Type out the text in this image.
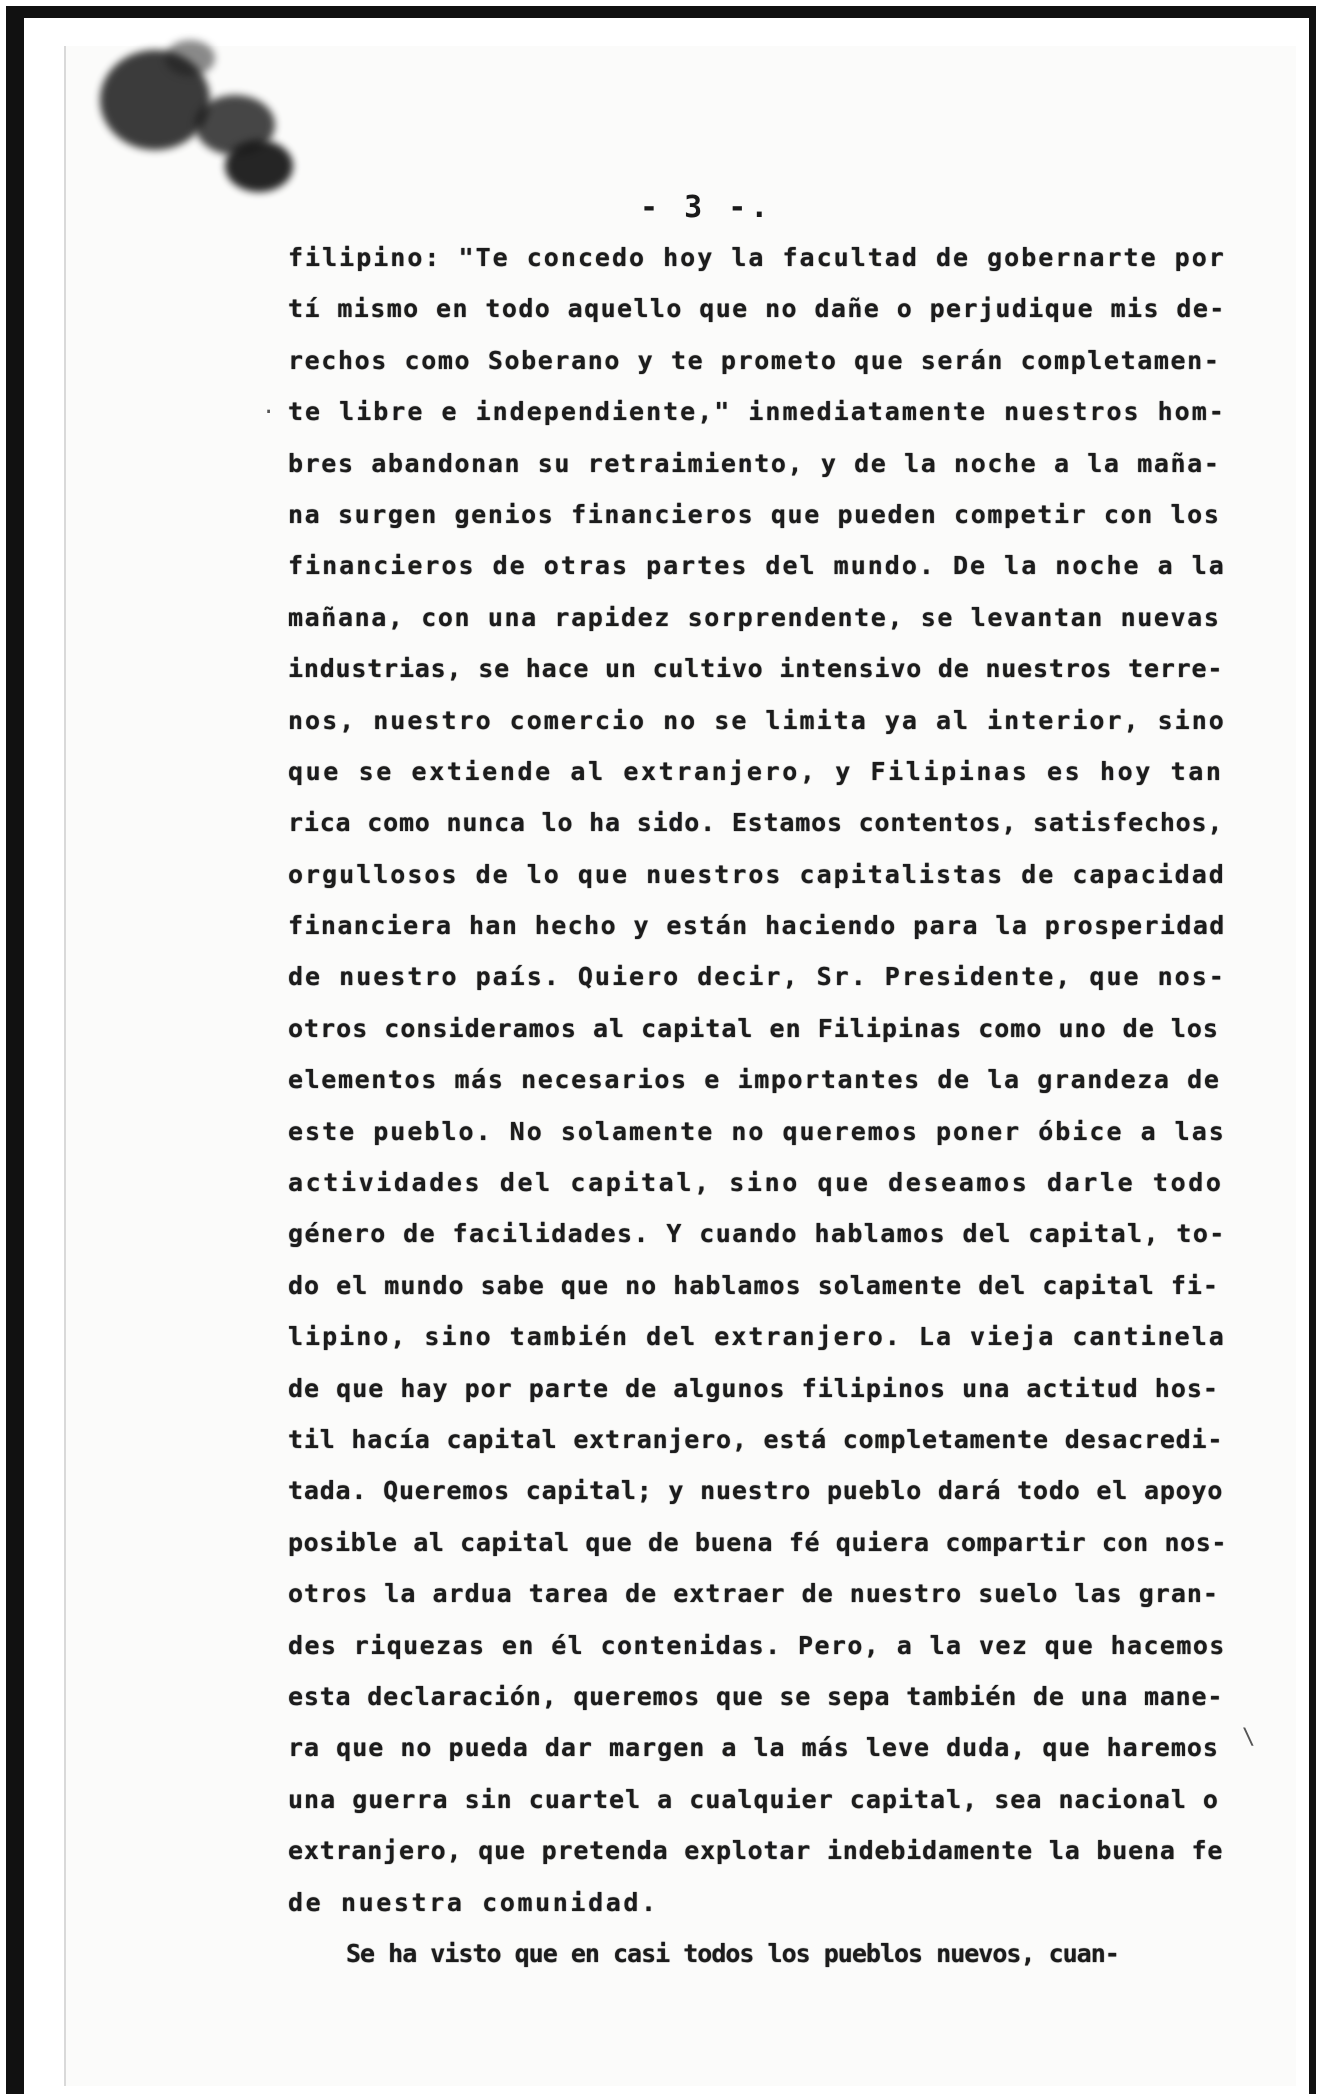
·
\
- 3 -.
filipino: "Te concedo hoy la facultad de gobernarte por
tí mismo en todo aquello que no dañe o perjudique mis de-
rechos como Soberano y te prometo que serán completamen-
te libre e independiente," inmediatamente nuestros hom-
bres abandonan su retraimiento, y de la noche a la maña-
na surgen genios financieros que pueden competir con los
financieros de otras partes del mundo. De la noche a la
mañana, con una rapidez sorprendente, se levantan nuevas
industrias, se hace un cultivo intensivo de nuestros terre-
nos, nuestro comercio no se limita ya al interior, sino
que se extiende al extranjero, y Filipinas es hoy tan
rica como nunca lo ha sido. Estamos contentos, satisfechos,
orgullosos de lo que nuestros capitalistas de capacidad
financiera han hecho y están haciendo para la prosperidad
de nuestro país. Quiero decir, Sr. Presidente, que nos-
otros consideramos al capital en Filipinas como uno de los
elementos más necesarios e importantes de la grandeza de
este pueblo. No solamente no queremos poner óbice a las
actividades del capital, sino que deseamos darle todo
género de facilidades. Y cuando hablamos del capital, to-
do el mundo sabe que no hablamos solamente del capital fi-
lipino, sino también del extranjero. La vieja cantinela
de que hay por parte de algunos filipinos una actitud hos-
til hacía capital extranjero, está completamente desacredi-
tada. Queremos capital; y nuestro pueblo dará todo el apoyo
posible al capital que de buena fé quiera compartir con nos-
otros la ardua tarea de extraer de nuestro suelo las gran-
des riquezas en él contenidas. Pero, a la vez que hacemos
esta declaración, queremos que se sepa también de una mane-
ra que no pueda dar margen a la más leve duda, que haremos
una guerra sin cuartel a cualquier capital, sea nacional o
extranjero, que pretenda explotar indebidamente la buena fe
de nuestra comunidad.
Se ha visto que en casi todos los pueblos nuevos, cuan-
